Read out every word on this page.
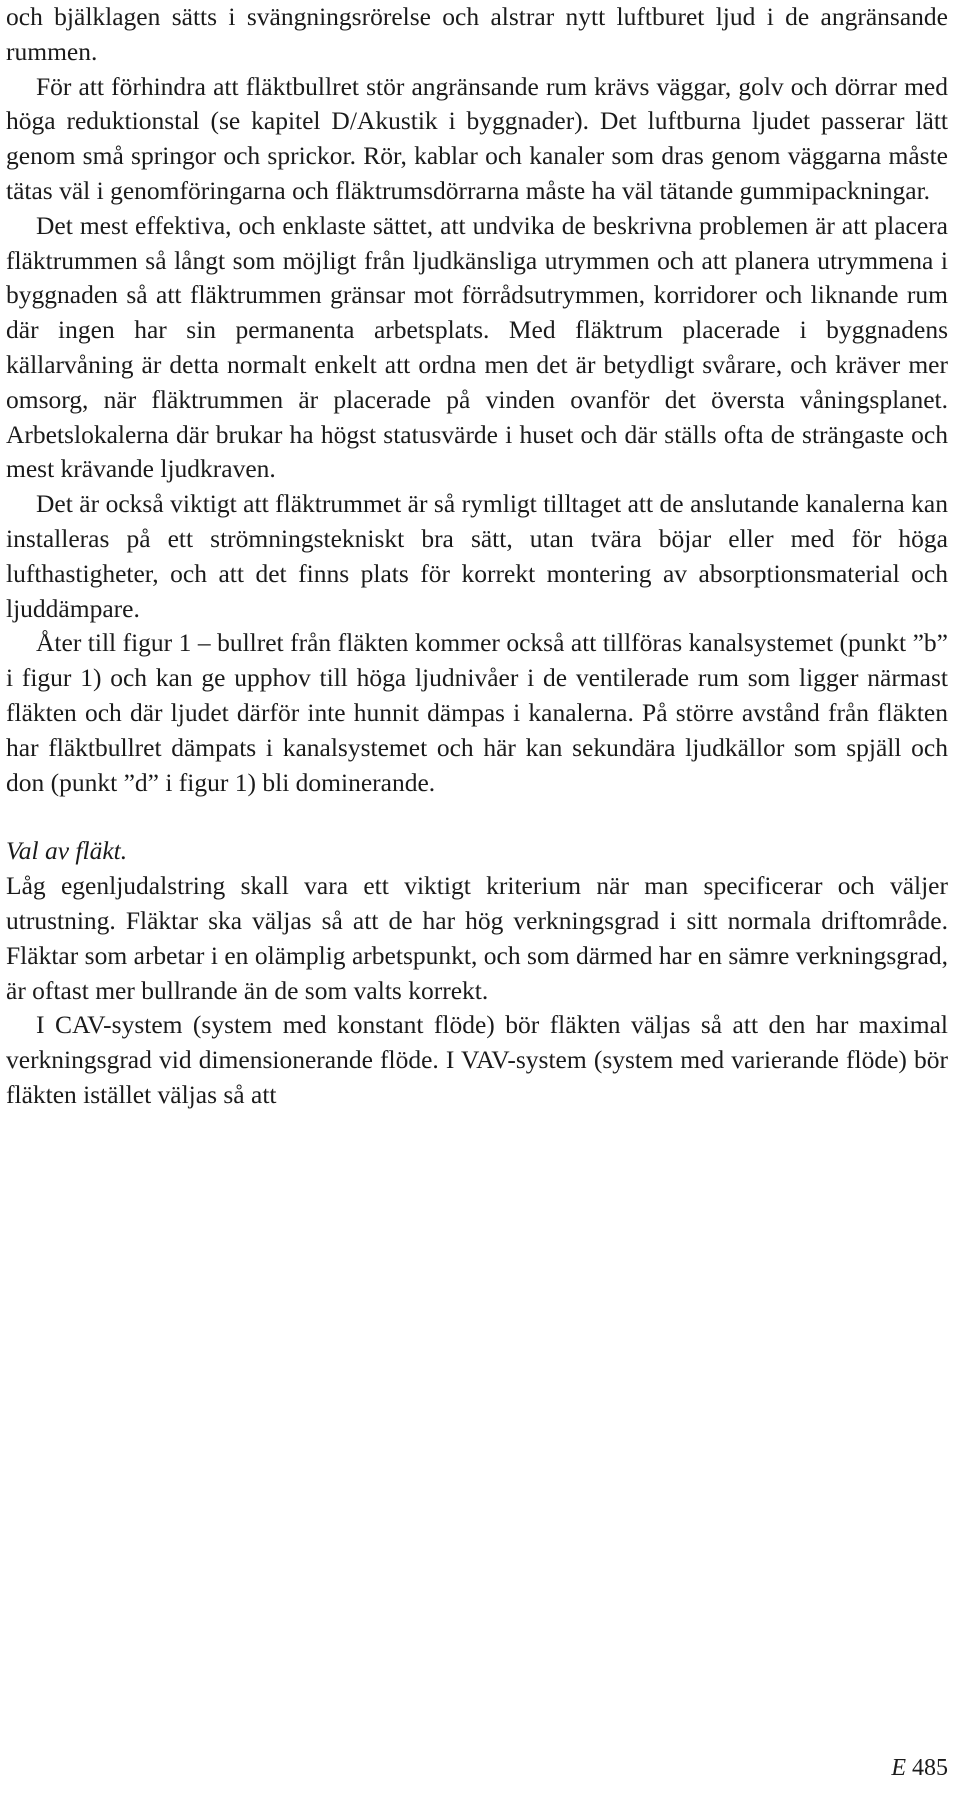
och bjälklagen sätts i svängningsrörelse och alstrar nytt luftburet ljud i de angränsande rummen.

För att förhindra att fläktbullret stör angränsande rum krävs väggar, golv och dörrar med höga reduktionstal (se kapitel D/Akustik i byggnader). Det luftburna ljudet passerar lätt genom små springor och sprickor. Rör, kablar och kanaler som dras genom väggarna måste tätas väl i genomföringarna och fläktrumsdörrarna måste ha väl tätande gummipackningar.

Det mest effektiva, och enklaste sättet, att undvika de beskrivna problemen är att placera fläktrummen så långt som möjligt från ljudkänsliga utrymmen och att planera utrymmena i byggnaden så att fläktrummen gränsar mot förrådsutrymmen, korridorer och liknande rum där ingen har sin permanenta arbetsplats. Med fläktrum placerade i byggnadens källarvåning är detta normalt enkelt att ordna men det är betydligt svårare, och kräver mer omsorg, när fläktrummen är placerade på vinden ovanför det översta våningsplanet. Arbetslokalerna där brukar ha högst statusvärde i huset och där ställs ofta de strängaste och mest krävande ljudkraven.

Det är också viktigt att fläktrummet är så rymligt tilltaget att de anslutande kanalerna kan installeras på ett strömningstekniskt bra sätt, utan tvära böjar eller med för höga lufthastigheter, och att det finns plats för korrekt montering av absorptionsmaterial och ljuddämpare.

Åter till figur 1 – bullret från fläkten kommer också att tillföras kanalsystemet (punkt ”b” i figur 1) och kan ge upphov till höga ljudnivåer i de ventilerade rum som ligger närmast fläkten och där ljudet därför inte hunnit dämpas i kanalerna. På större avstånd från fläkten har fläktbullret dämpats i kanalsystemet och här kan sekundära ljudkällor som spjäll och don (punkt ”d” i figur 1) bli dominerande.

Val av fläkt.

Låg egenljudalstring skall vara ett viktigt kriterium när man specificerar och väljer utrustning. Fläktar ska väljas så att de har hög verkningsgrad i sitt normala driftområde. Fläktar som arbetar i en olämplig arbetspunkt, och som därmed har en sämre verkningsgrad, är oftast mer bullrande än de som valts korrekt.

I CAV-system (system med konstant flöde) bör fläkten väljas så att den har maximal verkningsgrad vid dimensionerande flöde. I VAV-system (system med varierande flöde) bör fläkten istället väljas så att

E 485
